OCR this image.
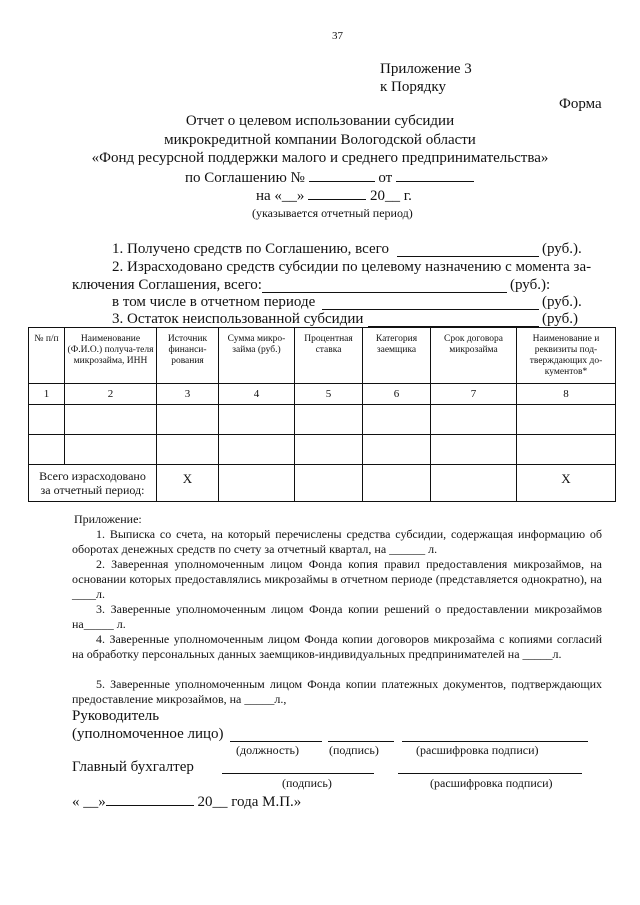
37
Приложение 3
к Порядку
Форма
Отчет о целевом использовании субсидии
микрокредитной компании Вологодской области
«Фонд ресурсной поддержки малого и среднего предпринимательства»
по Соглашению №	от
на «__»	20__ г.
(указывается отчетный период)
1. Получено средств по Соглашению, всего	(руб.).
2. Израсходовано средств субсидии по целевому назначению с момента за-
ключения Соглашения, всего:	(руб.):
в том числе в отчетном периоде	(руб.).
3. Остаток неиспользованной субсидии	(руб.)
№ п/п	Наименование (Ф.И.О.) получа-теля микрозайма, ИНН	Источник финанси-рования	Сумма микро-займа (руб.)	Процентная ставка	Категория заемщика	Срок договора микрозайма	Наименование и реквизиты под-тверждающих до-кументов*
1	2	3	4	5	6	7	8

Всего израсходовано
за отчетный период:		X					X
Приложение:
1. Выписка со счета, на который перечислены средства субсидии, содержащая информацию об оборотах денежных средств по счету за отчетный квартал, на ______ л.
2. Заверенная уполномоченным лицом Фонда копия правил предоставления микрозаймов, на основании которых предоставлялись микрозаймы в отчетном периоде (представляется однократно), на ____л.
3. Заверенные уполномоченным лицом Фонда копии решений о предоставлении микрозаймов на_____ л.
4. Заверенные уполномоченным лицом Фонда копии договоров микрозайма с копиями согласий на обработку персональных данных заемщиков-индивидуальных предпринимателей на _____л.
5. Заверенные уполномоченным лицом Фонда копии платежных документов, подтверждающих предоставление микрозаймов, на _____л.,
Руководитель
(уполномоченное лицо)
(должность)	(подпись)	(расшифровка подписи)
Главный бухгалтер
(подпись)	(расшифровка подписи)
« __»	20__ года М.П.»
